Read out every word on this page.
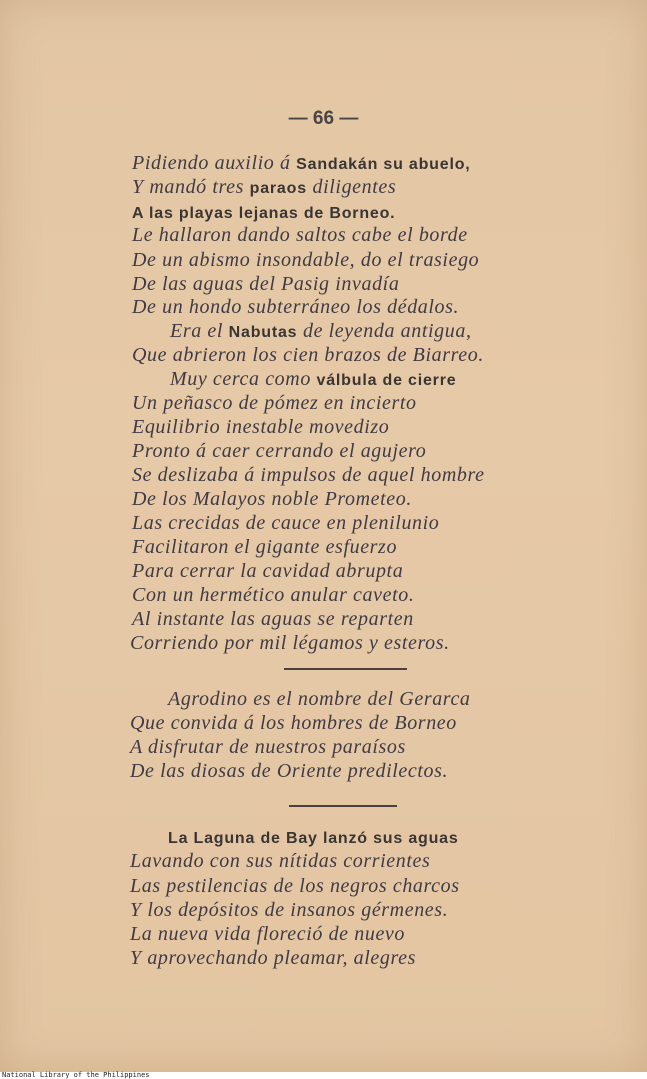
— 66 —
Pidiendo auxilio á Sandakán su abuelo,
Y mandó tres paraos diligentes
A las playas lejanas de Borneo.
Le hallaron dando saltos cabe el borde
De un abismo insondable, do el trasiego
De las aguas del Pasig invadía
De un hondo subterráneo los dédalos.
Era el Nabutas de leyenda antigua,
Que abrieron los cien brazos de Biarreo.
Muy cerca como válbula de cierre
Un peñasco de pómez en incierto
Equilibrio inestable movedizo
Pronto á caer cerrando el agujero
Se deslizaba á impulsos de aquel hombre
De los Malayos noble Prometeo.
Las crecidas de cauce en plenilunio
Facilitaron el gigante esfuerzo
Para cerrar la cavidad abrupta
Con un hermético anular caveto.
Al instante las aguas se reparten
Corriendo por mil légamos y esteros.
Agrodino es el nombre del Gerarca
Que convida á los hombres de Borneo
A disfrutar de nuestros paraísos
De las diosas de Oriente predilectos.
La Laguna de Bay lanzó sus aguas
Lavando con sus nítidas corrientes
Las pestilencias de los negros charcos
Y los depósitos de insanos gérmenes.
La nueva vida floreció de nuevo
Y aprovechando pleamar, alegres
National Library of the Philippines
